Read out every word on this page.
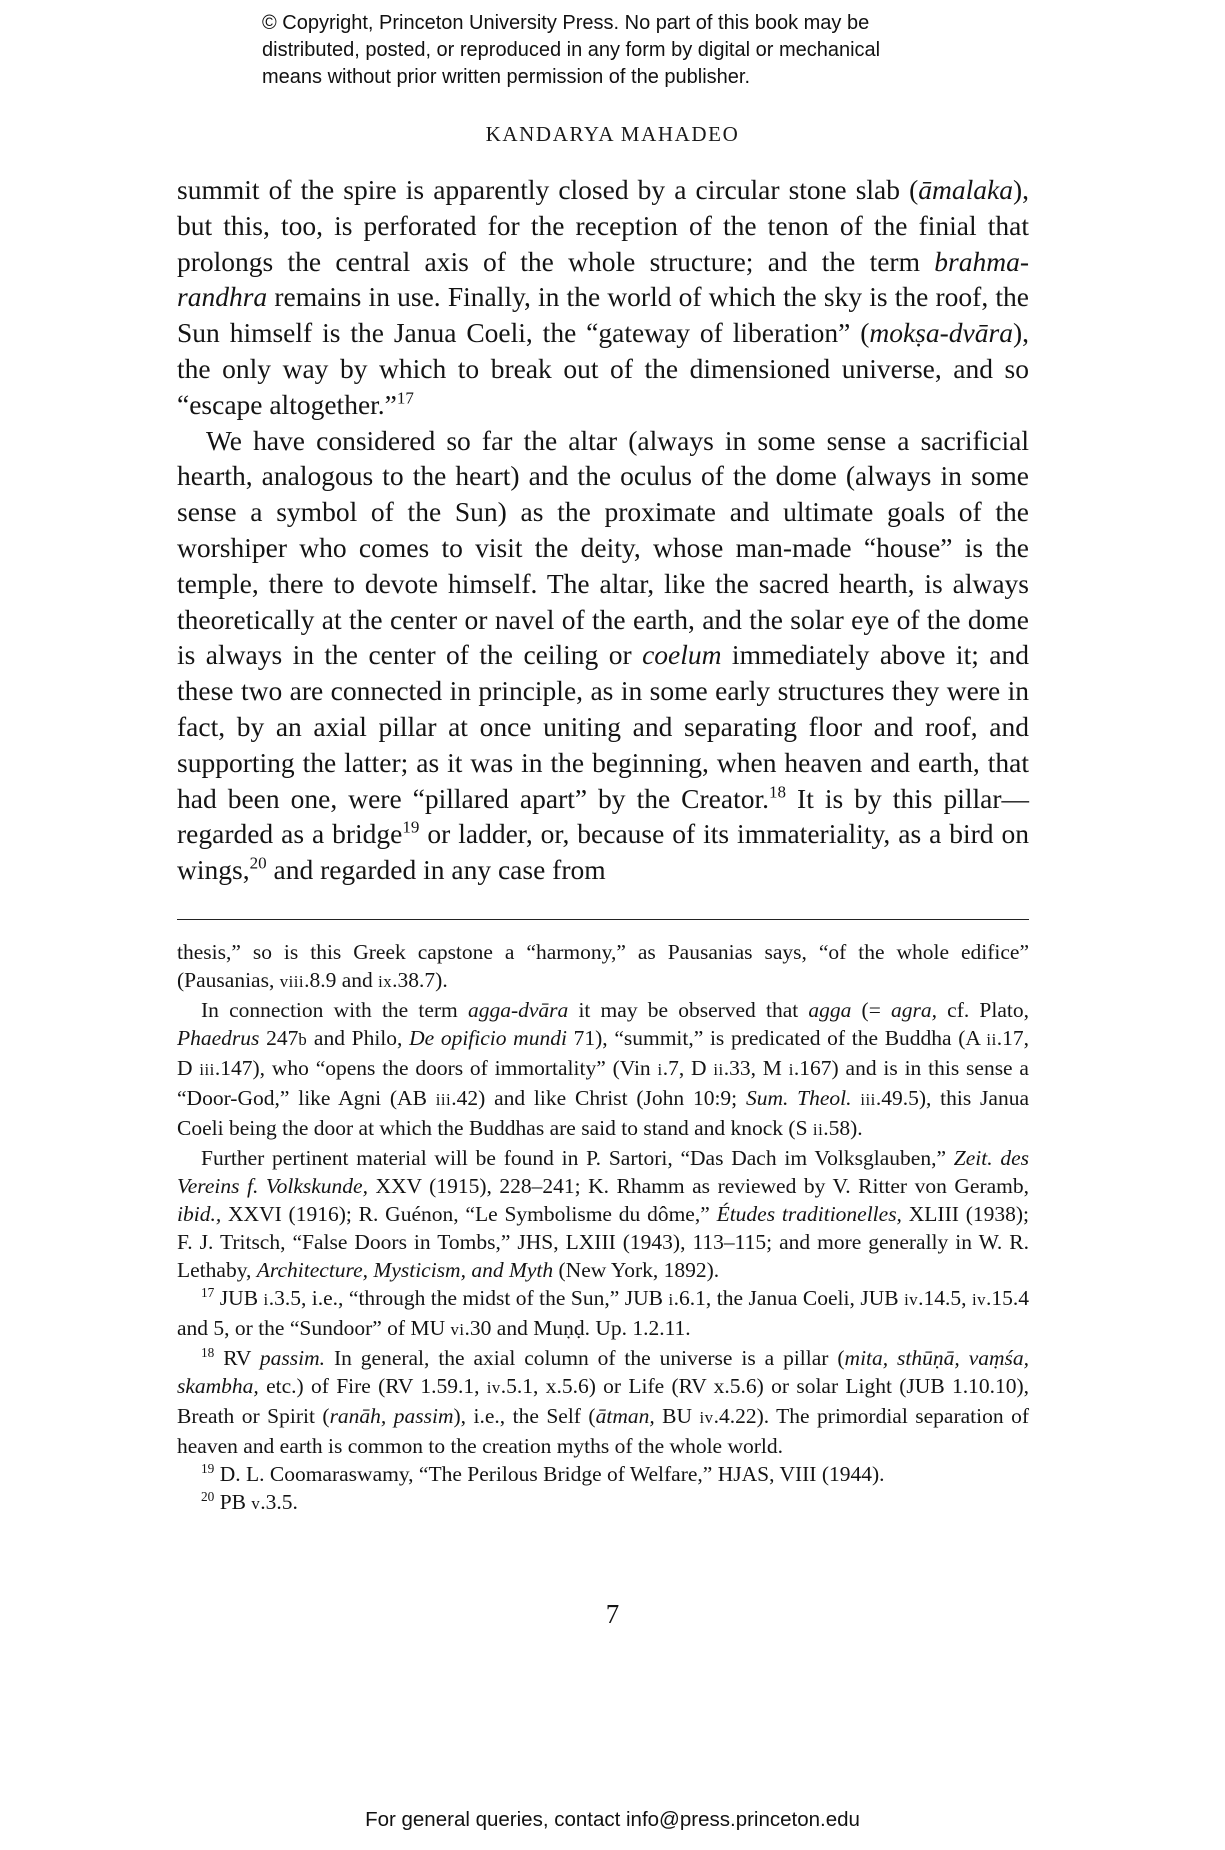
© Copyright, Princeton University Press. No part of this book may be
distributed, posted, or reproduced in any form by digital or mechanical
means without prior written permission of the publisher.
KANDARYA MAHADEO

summit of the spire is apparently closed by a circular stone slab (āmalaka), but this, too, is perforated for the reception of the tenon of the finial that prolongs the central axis of the whole structure; and the term brahma-randhra remains in use. Finally, in the world of which the sky is the roof, the Sun himself is the Janua Coeli, the “gateway of liberation” (mokṣa-dvāra), the only way by which to break out of the dimensioned universe, and so “escape altogether.”$^{17}$

We have considered so far the altar (always in some sense a sacrificial hearth, analogous to the heart) and the oculus of the dome (always in some sense a symbol of the Sun) as the proximate and ultimate goals of the worshiper who comes to visit the deity, whose man-made “house” is the temple, there to devote himself. The altar, like the sacred hearth, is always theoretically at the center or navel of the earth, and the solar eye of the dome is always in the center of the ceiling or coelum immediately above it; and these two are connected in principle, as in some early structures they were in fact, by an axial pillar at once uniting and separating floor and roof, and supporting the latter; as it was in the beginning, when heaven and earth, that had been one, were “pillared apart” by the Creator.$^{18}$ It is by this pillar—regarded as a bridge$^{19}$ or ladder, or, because of its immateriality, as a bird on wings,$^{20}$ and regarded in any case from

thesis,” so is this Greek capstone a “harmony,” as Pausanias says, “of the whole edifice” (Pausanias, viii.8.9 and ix.38.7).

In connection with the term agga-dvāra it may be observed that agga (= agra, cf. Plato, Phaedrus 247b and Philo, De opificio mundi 71), “summit,” is predicated of the Buddha (A ii.17, D iii.147), who “opens the doors of immortality” (Vin i.7, D ii.33, M i.167) and is in this sense a “Door-God,” like Agni (AB iii.42) and like Christ (John 10:9; Sum. Theol. iii.49.5), this Janua Coeli being the door at which the Buddhas are said to stand and knock (S ii.58).

Further pertinent material will be found in P. Sartori, “Das Dach im Volksglauben,” Zeit. des Vereins f. Volkskunde, XXV (1915), 228–241; K. Rhamm as reviewed by V. Ritter von Geramb, ibid., XXVI (1916); R. Guénon, “Le Symbolisme du dôme,” Études traditionelles, XLIII (1938); F. J. Tritsch, “False Doors in Tombs,” JHS, LXIII (1943), 113–115; and more generally in W. R. Lethaby, Architecture, Mysticism, and Myth (New York, 1892).

$^{17}$ JUB i.3.5, i.e., “through the midst of the Sun,” JUB i.6.1, the Janua Coeli, JUB iv.14.5, iv.15.4 and 5, or the “Sundoor” of MU vi.30 and Muṇḍ. Up. 1.2.11.

$^{18}$ RV passim. In general, the axial column of the universe is a pillar (mita, sthūṇā, vaṃśa, skambha, etc.) of Fire (RV 1.59.1, iv.5.1, x.5.6) or Life (RV x.5.6) or solar Light (JUB 1.10.10), Breath or Spirit (ranāh, passim), i.e., the Self (ātman, BU iv.4.22). The primordial separation of heaven and earth is common to the creation myths of the whole world.

$^{19}$ D. L. Coomaraswamy, “The Perilous Bridge of Welfare,” HJAS, VIII (1944).

$^{20}$ PB v.3.5.

7
For general queries, contact info@press.princeton.edu
